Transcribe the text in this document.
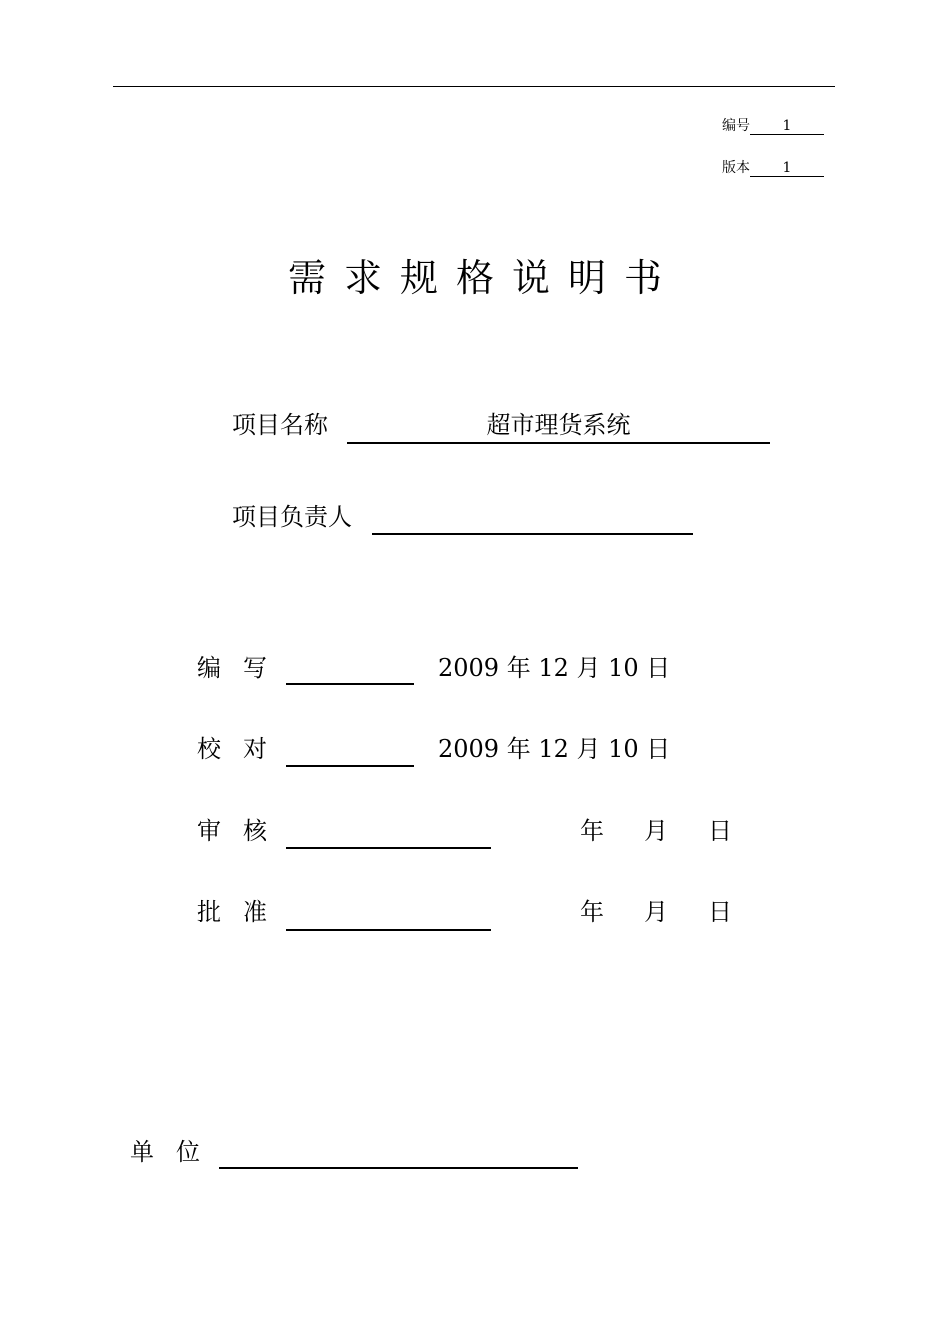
编号 1
版本 1
需求规格说明书
项目名称	超市理货系统
项目负责人
编写	2009 年 12 月 10 日
校对	2009 年 12 月 10 日
审核	年 月 日
批准	年 月 日
单位
